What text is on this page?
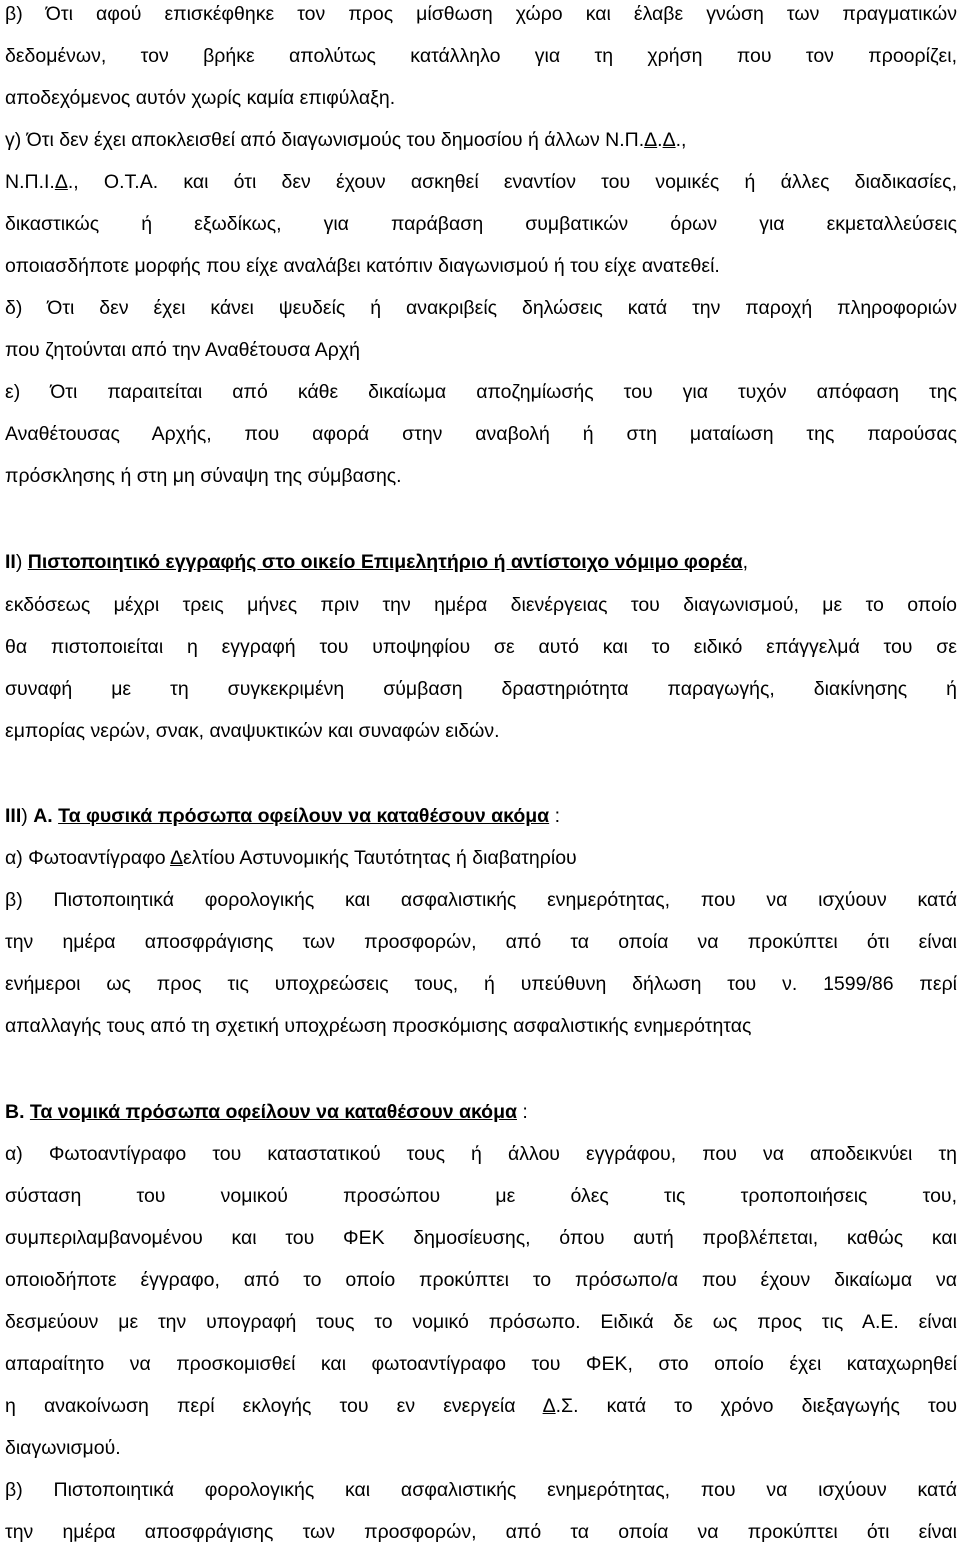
β) Ότι αφού επισκέφθηκε τον προς μίσθωση χώρο και έλαβε γνώση των πραγματικών
δεδομένων, τον βρήκε απολύτως κατάλληλο για τη χρήση που τον προορίζει,
αποδεχόμενος αυτόν χωρίς καμία επιφύλαξη.
γ) Ότι δεν έχει αποκλεισθεί από διαγωνισμούς του δημοσίου ή άλλων Ν.Π.Δ.Δ.,
Ν.Π.Ι.Δ., Ο.Τ.Α. και ότι δεν έχουν ασκηθεί εναντίον του νομικές ή άλλες διαδικασίες,
δικαστικώς ή εξωδίκως, για παράβαση συμβατικών όρων για εκμεταλλεύσεις
οποιασδήποτε μορφής που είχε αναλάβει κατόπιν διαγωνισμού ή του είχε ανατεθεί.
δ) Ότι δεν έχει κάνει ψευδείς ή ανακριβείς δηλώσεις κατά την παροχή πληροφοριών
που ζητούνται από την Αναθέτουσα Αρχή
ε) Ότι παραιτείται από κάθε δικαίωμα αποζημίωσής του για τυχόν απόφαση της
Αναθέτουσας Αρχής, που αφορά στην αναβολή ή στη ματαίωση της παρούσας
πρόσκλησης ή στη μη σύναψη της σύμβασης.
ΙΙ) Πιστοποιητικό εγγραφής στο οικείο Επιμελητήριο ή αντίστοιχο νόμιμο φορέα,
εκδόσεως μέχρι τρεις μήνες πριν την ημέρα διενέργειας του διαγωνισμού, με το οποίο
θα πιστοποιείται η εγγραφή του υποψηφίου σε αυτό και το ειδικό επάγγελμά του σε
συναφή με τη συγκεκριμένη σύμβαση δραστηριότητα παραγωγής, διακίνησης ή
εμπορίας νερών, σνακ, αναψυκτικών και συναφών ειδών.
ΙΙΙ) Α. Τα φυσικά πρόσωπα οφείλουν να καταθέσουν ακόμα :
α) Φωτοαντίγραφο Δελτίου Αστυνομικής Ταυτότητας ή διαβατηρίου
β) Πιστοποιητικά φορολογικής και ασφαλιστικής ενημερότητας, που να ισχύουν κατά
την ημέρα αποσφράγισης των προσφορών, από τα οποία να προκύπτει ότι είναι
ενήμεροι ως προς τις υποχρεώσεις τους, ή υπεύθυνη δήλωση του ν. 1599/86 περί
απαλλαγής τους από τη σχετική υποχρέωση προσκόμισης ασφαλιστικής ενημερότητας
Β. Τα νομικά πρόσωπα οφείλουν να καταθέσουν ακόμα :
α) Φωτοαντίγραφο του καταστατικού τους ή άλλου εγγράφου, που να αποδεικνύει τη
σύσταση του νομικού προσώπου με όλες τις τροποποιήσεις του,
συμπεριλαμβανομένου και του ΦΕΚ δημοσίευσης, όπου αυτή προβλέπεται, καθώς και
οποιοδήποτε έγγραφο, από το οποίο προκύπτει το πρόσωπο/α που έχουν δικαίωμα να
δεσμεύουν με την υπογραφή τους το νομικό πρόσωπο. Ειδικά δε ως προς τις Α.Ε. είναι
απαραίτητο να προσκομισθεί και φωτοαντίγραφο του ΦΕΚ, στο οποίο έχει καταχωρηθεί
η ανακοίνωση περί εκλογής του εν ενεργεία Δ.Σ. κατά το χρόνο διεξαγωγής του
διαγωνισμού.
β) Πιστοποιητικά φορολογικής και ασφαλιστικής ενημερότητας, που να ισχύουν κατά
την ημέρα αποσφράγισης των προσφορών, από τα οποία να προκύπτει ότι είναι
